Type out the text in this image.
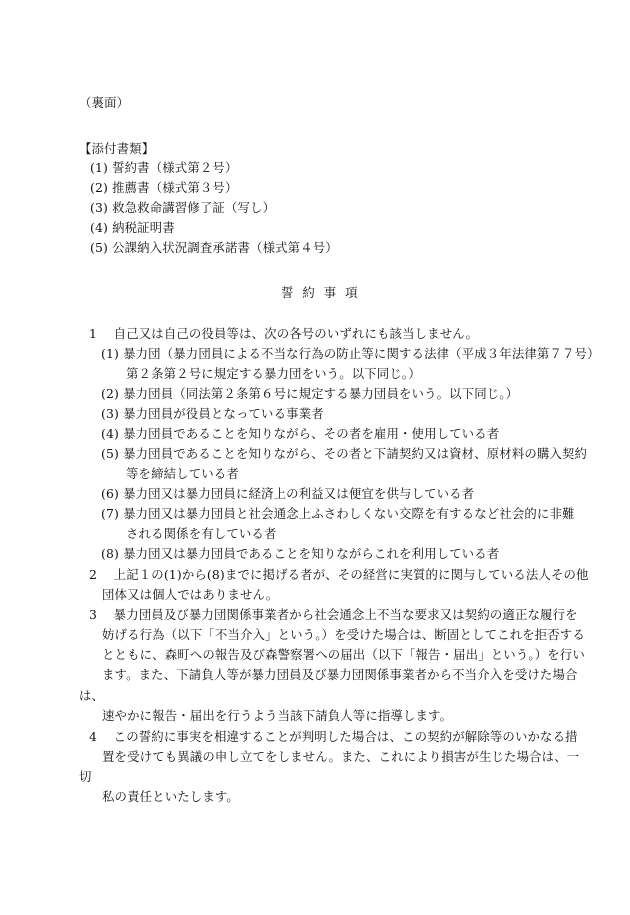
（裏面）
【添付書類】
(1) 誓約書（様式第２号）
(2) 推薦書（様式第３号）
(3) 救急救命講習修了証（写し）
(4) 納税証明書
(5) 公課納入状況調査承諾書（様式第４号）
誓約事項
1　 自己又は自己の役員等は、次の各号のいずれにも該当しません。
(1) 暴力団（暴力団員による不当な行為の防止等に関する法律（平成３年法律第７７号）
第２条第２号に規定する暴力団をいう。以下同じ。）
(2) 暴力団員（同法第２条第６号に規定する暴力団員をいう。以下同じ。）
(3) 暴力団員が役員となっている事業者
(4) 暴力団員であることを知りながら、その者を雇用・使用している者
(5) 暴力団員であることを知りながら、その者と下請契約又は資材、原材料の購入契約
等を締結している者
(6) 暴力団又は暴力団員に経済上の利益又は便宜を供与している者
(7) 暴力団又は暴力団員と社会通念上ふさわしくない交際を有するなど社会的に非難
される関係を有している者
(8) 暴力団又は暴力団員であることを知りながらこれを利用している者
2　 上記１の(1)から(8)までに掲げる者が、その経営に実質的に関与している法人その他
団体又は個人ではありません。
3　 暴力団員及び暴力団関係事業者から社会通念上不当な要求又は契約の適正な履行を
妨げる行為（以下「不当介入」という。）を受けた場合は、断固としてこれを拒否する
とともに、森町への報告及び森警察署への届出（以下「報告・届出」という。）を行い
ます。また、下請負人等が暴力団員及び暴力団関係事業者から不当介入を受けた場合
は、
速やかに報告・届出を行うよう当該下請負人等に指導します。
4　 この誓約に事実を相違することが判明した場合は、この契約が解除等のいかなる措
置を受けても異議の申し立てをしません。また、これにより損害が生じた場合は、一
切
私の責任といたします。
